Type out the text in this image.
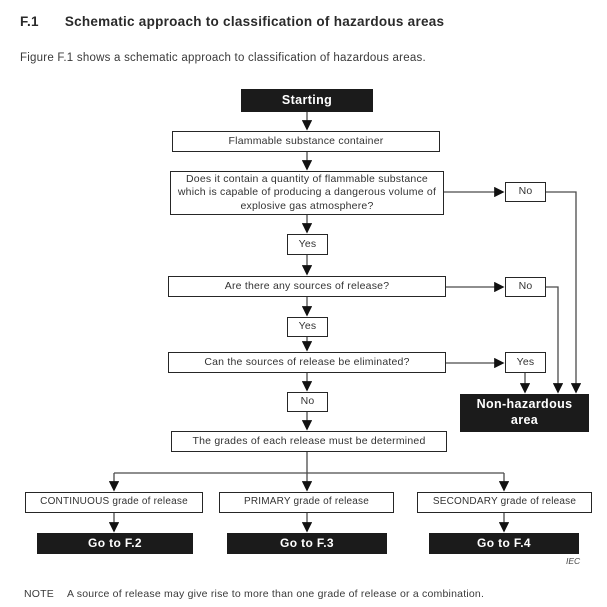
F.1 Schematic approach to classification of hazardous areas
Figure F.1 shows a schematic approach to classification of hazardous areas.
Starting
Flammable substance container
Does it contain a quantity of flammable substance which is capable of producing a dangerous volume of explosive gas atmosphere?
No
Yes
Are there any sources of release?	No
Yes
Can the sources of release be eliminated?	Yes
No	Non-hazardous area
The grades of each release must be determined
CONTINUOUS grade of release	PRIMARY grade of release	SECONDARY grade of release
Go to F.2	Go to F.3	Go to F.4
IEC
NOTE A source of release may give rise to more than one grade of release or a combination.
